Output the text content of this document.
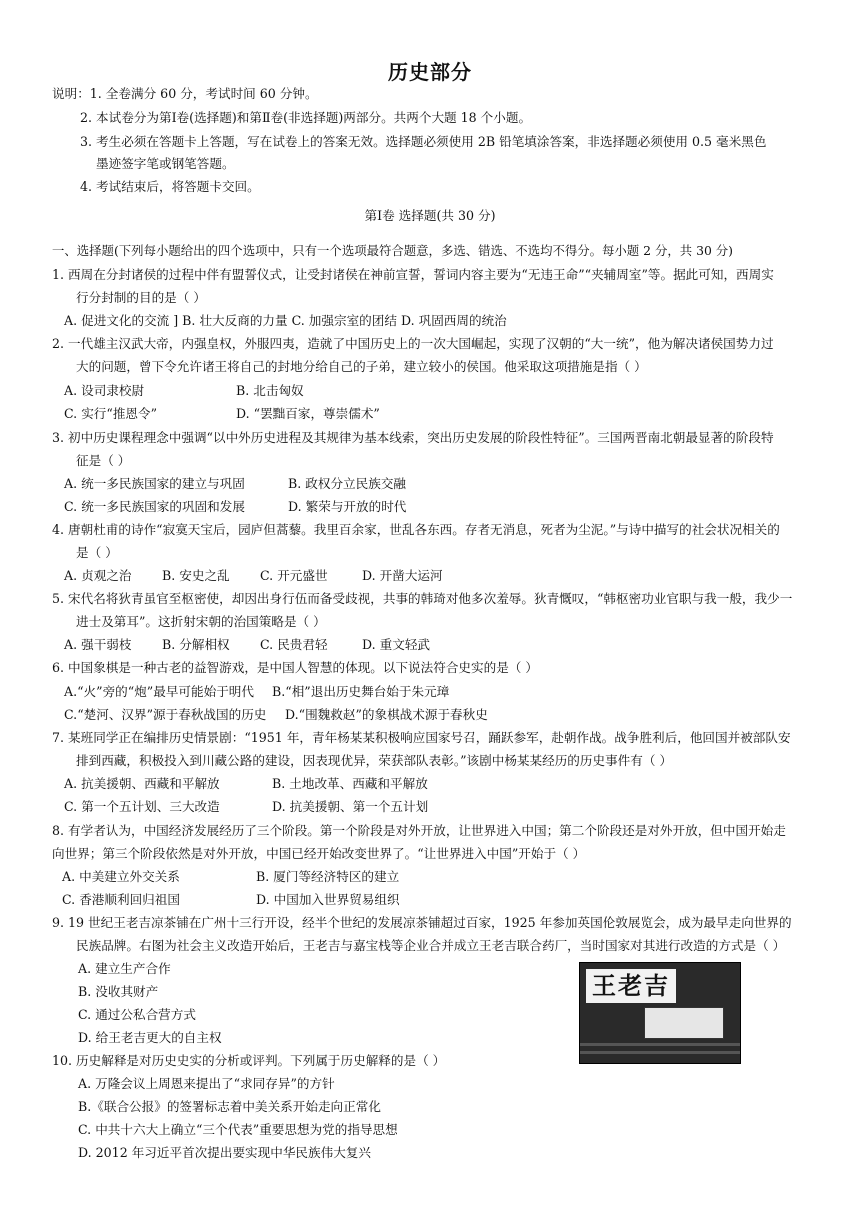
历史部分
说明：1. 全卷满分 60 分，考试时间 60 分钟。
2. 本试卷分为第Ⅰ卷(选择题)和第Ⅱ卷(非选择题)两部分。共两个大题 18 个小题。
3. 考生必须在答题卡上答题，写在试卷上的答案无效。选择题必须使用 2B 铅笔填涂答案，非选择题必须使用 0.5 毫米黑色
墨迹签字笔或钢笔答题。
4. 考试结束后，将答题卡交回。
第Ⅰ卷 选择题(共 30 分)
一、选择题(下列每小题给出的四个选项中，只有一个选项最符合题意，多选、错选、不选均不得分。每小题 2 分，共 30 分)
1. 西周在分封诸侯的过程中伴有盟誓仪式，让受封诸侯在神前宣誓，誓词内容主要为“无违王命”“夹辅周室”等。据此可知，西周实
行分封制的目的是（ ）
A. 促进文化的交流 ] B. 壮大反商的力量 C. 加强宗室的团结 D. 巩固西周的统治
2. 一代雄主汉武大帝，内强皇权，外服四夷，造就了中国历史上的一次大国崛起，实现了汉朝的“大一统”，他为解决诸侯国势力过
大的问题，曾下令允许诸王将自己的封地分给自己的子弟，建立较小的侯国。他采取这项措施是指（ ）
A. 设司隶校尉	B. 北击匈奴
C. 实行“推恩令”	D. “罢黜百家，尊崇儒术”
3. 初中历史课程理念中强调“以中外历史进程及其规律为基本线索，突出历史发展的阶段性特征”。三国两晋南北朝最显著的阶段特
征是（ ）
A. 统一多民族国家的建立与巩固	B. 政权分立民族交融
C. 统一多民族国家的巩固和发展	D. 繁荣与开放的时代
4. 唐朝杜甫的诗作“寂寞天宝后，园庐但蒿藜。我里百余家，世乱各东西。存者无消息，死者为尘泥。”与诗中描写的社会状况相关的
是（ ）
A. 贞观之治 B. 安史之乱 C. 开元盛世	D. 开凿大运河
5. 宋代名将狄青虽官至枢密使，却因出身行伍而备受歧视，共事的韩琦对他多次羞辱。狄青慨叹，“韩枢密功业官职与我一般，我少一
进士及第耳”。这折射宋朝的治国策略是（ ）
A. 强干弱枝 B. 分解相权 C. 民贵君轻	D. 重文轻武
6. 中国象棋是一种古老的益智游戏，是中国人智慧的体现。以下说法符合史实的是（ ）
A.“火”旁的“炮”最早可能始于明代 B.“相”退出历史舞台始于朱元璋
C.“楚河、汉界”源于春秋战国的历史 D.“围魏救赵”的象棋战术源于春秋史
7. 某班同学正在编排历史情景剧：“1951 年，青年杨某某积极响应国家号召，踊跃参军，赴朝作战。战争胜利后，他回国并被部队安
排到西藏，积极投入到川藏公路的建设，因表现优异，荣获部队表彰。”该剧中杨某某经历的历史事件有（ ）
A. 抗美援朝、西藏和平解放	B. 土地改革、西藏和平解放
C. 第一个五计划、三大改造	D. 抗美援朝、第一个五计划
8. 有学者认为，中国经济发展经历了三个阶段。第一个阶段是对外开放，让世界进入中国；第二个阶段还是对外开放，但中国开始走
向世界；第三个阶段依然是对外开放，中国已经开始改变世界了。“让世界进入中国”开始于（ ）
A. 中美建立外交关系	B. 厦门等经济特区的建立
C. 香港顺利回归祖国	D. 中国加入世界贸易组织
9. 19 世纪王老吉凉茶铺在广州十三行开设，经半个世纪的发展凉茶铺超过百家，1925 年参加英国伦敦展览会，成为最早走向世界的
民族品牌。右图为社会主义改造开始后，王老吉与嘉宝栈等企业合并成立王老吉联合药厂，当时国家对其进行改造的方式是（ ）
A. 建立生产合作
B. 没收其财产
C. 通过公私合营方式
D. 给王老吉更大的自主权
王老吉
10. 历史解释是对历史史实的分析或评判。下列属于历史解释的是（ ）
A. 万隆会议上周恩来提出了“求同存异”的方针
B.《联合公报》的签署标志着中美关系开始走向正常化
C. 中共十六大上确立“三个代表”重要思想为党的指导思想
D. 2012 年习近平首次提出要实现中华民族伟大复兴
